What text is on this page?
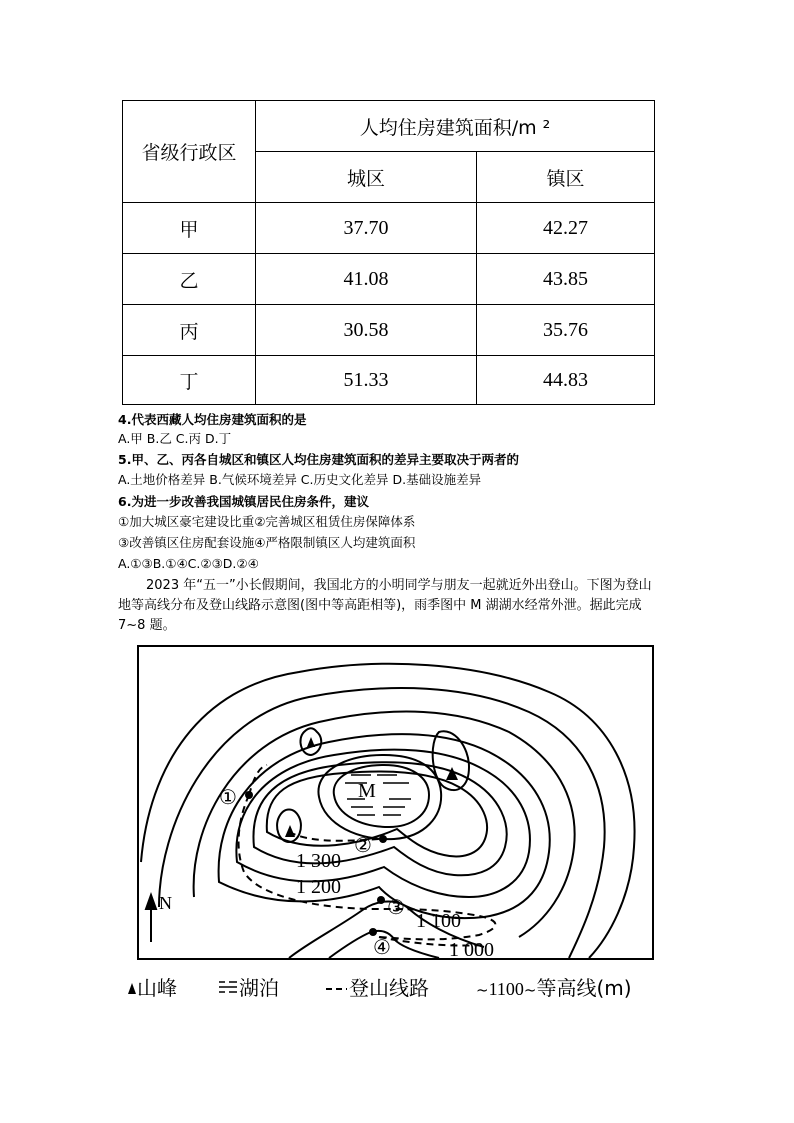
省级行政区	人均住房建筑面积/m ²	
	城区	镇区
甲	37.70	42.27
乙	41.08	43.85
丙	30.58	35.76
丁	51.33	44.83
4.代表西藏人均住房建筑面积的是
A.甲 B.乙 C.丙 D.丁
5.甲、乙、丙各自城区和镇区人均住房建筑面积的差异主要取决于两者的
A.土地价格差异 B.气候环境差异 C.历史文化差异 D.基础设施差异
6.为进一步改善我国城镇居民住房条件，建议
①加大城区豪宅建设比重②完善城区租赁住房保障体系
③改善镇区住房配套设施④严格限制镇区人均建筑面积
A.①③B.①④C.②③D.②④
2023 年“五一”小长假期间，我国北方的小明同学与朋友一起就近外出登山。下图为登山地等高线分布及登山线路示意图(图中等高距相等)，雨季图中 M 湖湖水经常外泄。据此完成 7~8 题。
M
N
①
②
③
④
1 300
1 200
1 100
1 000
山峰	湖泊	登山线路	~1100~等高线(m)
